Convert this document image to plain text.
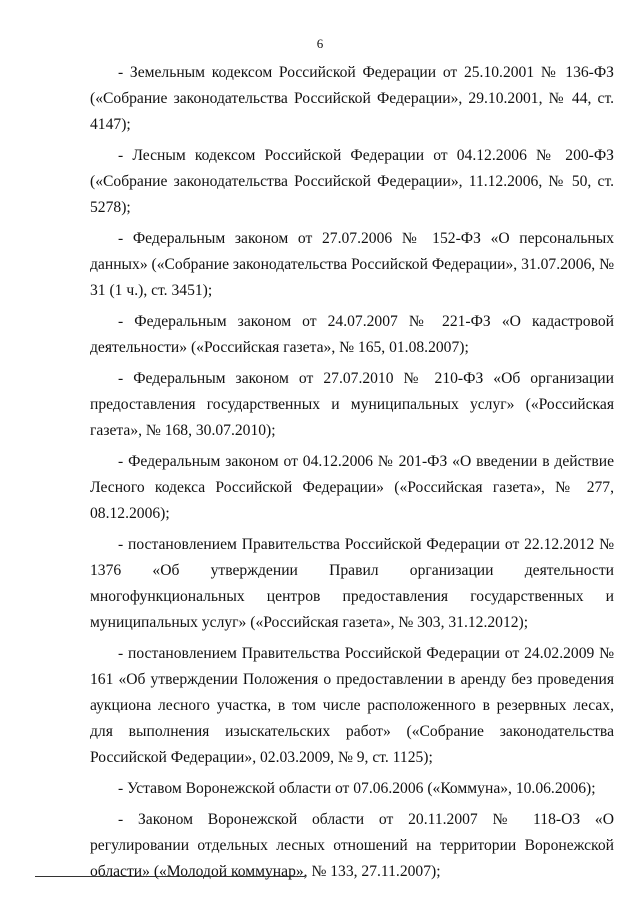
6

- Земельным кодексом Российской Федерации от 25.10.2001 № 136-ФЗ («Собрание законодательства Российской Федерации», 29.10.2001, № 44, ст. 4147);

- Лесным кодексом Российской Федерации от 04.12.2006 № 200-ФЗ («Собрание законодательства Российской Федерации», 11.12.2006, № 50, ст. 5278);

- Федеральным законом от 27.07.2006 № 152-ФЗ «О персональных данных» («Собрание законодательства Российской Федерации», 31.07.2006, № 31 (1 ч.), ст. 3451);

- Федеральным законом от 24.07.2007 № 221-ФЗ «О кадастровой деятельности» («Российская газета», № 165, 01.08.2007);

- Федеральным законом от 27.07.2010 № 210-ФЗ «Об организации предоставления государственных и муниципальных услуг» («Российская газета», № 168, 30.07.2010);

- Федеральным законом от 04.12.2006 № 201-ФЗ «О введении в действие Лесного кодекса Российской Федерации» («Российская газета», № 277, 08.12.2006);

- постановлением Правительства Российской Федерации от 22.12.2012 № 1376 «Об утверждении Правил организации деятельности многофункциональных центров предоставления государственных и муниципальных услуг» («Российская газета», № 303, 31.12.2012);

- постановлением Правительства Российской Федерации от 24.02.2009 № 161 «Об утверждении Положения о предоставлении в аренду без проведения аукциона лесного участка, в том числе расположенного в резервных лесах, для выполнения изыскательских работ» («Собрание законодательства Российской Федерации», 02.03.2009, № 9, ст. 1125);

- Уставом Воронежской области от 07.06.2006 («Коммуна», 10.06.2006);

- Законом Воронежской области от 20.11.2007 № 118-ОЗ «О регулировании отдельных лесных отношений на территории Воронежской области» («Молодой коммунар», № 133, 27.11.2007);
